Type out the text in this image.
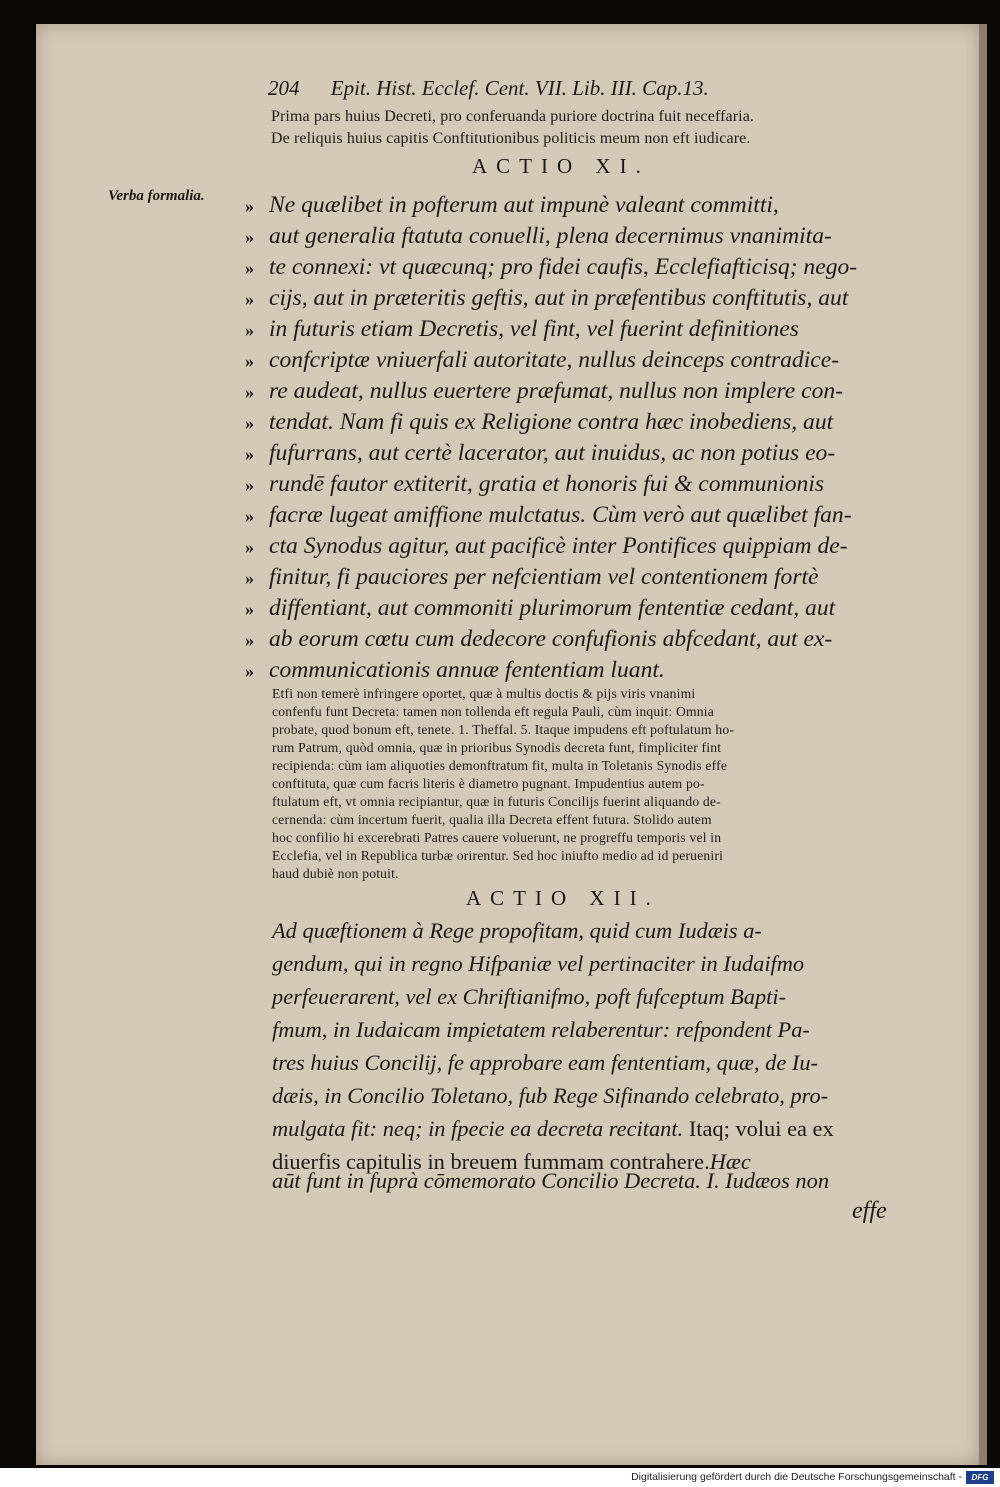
204 Epit. Hist. Ecclef. Cent. VII. Lib. III. Cap.13.
Prima pars huius Decreti, pro conferuanda puriore doctrina fuit neceffaria.
De reliquis huius capitis Conftitutionibus politicis meum non eft iudicare.
ACTIO XI.
Verba formalia. » Ne quælibet in pofterum aut impunè valeant committi,
» aut generalia ftatuta conuelli, plena decernimus vnanimita-
» te connexi: vt quæcunq; pro fidei caufis, Ecclefiafticisq; nego-
» cijs, aut in præteritis geftis, aut in præfentibus conftitutis, aut
» in futuris etiam Decretis, vel fint, vel fuerint definitiones
» confcriptæ vniuerfali autoritate, nullus deinceps contradice-
» re audeat, nullus euertere præfumat, nullus non implere con-
» tendat. Nam fi quis ex Religione contra hæc inobediens, aut
» fufurrans, aut certè lacerator, aut inuidus, ac non potius eo-
» rundē fautor extiterit, gratia et honoris fui & communionis
» facræ lugeat amiffione mulctatus. Cùm verò aut quælibet fan-
» cta Synodus agitur, aut pacificè inter Pontifices quippiam de-
» finitur, fi pauciores per nefcientiam vel contentionem fortè
» diffentiant, aut commoniti plurimorum fententiæ cedant, aut
» ab eorum cœtu cum dedecore confufionis abfcedant, aut ex-
» communicationis annuæ fententiam luant.
Etfi non temerè infringere oportet, quæ à multis doctis & pijs viris vnanimi
confenfu funt Decreta: tamen non tollenda eft regula Pauli, cùm inquit: Omnia
probate, quod bonum eft, tenete. 1. Theffal. 5. Itaque impudens eft poftulatum ho-
rum Patrum, quòd omnia, quæ in prioribus Synodis decreta funt, fimpliciter fint
recipienda: cùm iam aliquoties demonftratum fit, multa in Toletanis Synodis effe
conftituta, quæ cum facris literis è diametro pugnant. Impudentius autem po-
ftulatum eft, vt omnia recipiantur, quæ in futuris Concilijs fuerint aliquando de-
cernenda: cùm incertum fuerit, qualia illa Decreta effent futura. Stolido autem
hoc confilio hi excerebrati Patres cauere voluerunt, ne progreffu temporis vel in
Ecclefia, vel in Republica turbæ orirentur. Sed hoc iniufto medio ad id perueniri
haud dubiè non potuit.
ACTIO XII.
Ad quæftionem à Rege propofitam, quid cum Iudæis a-
gendum, qui in regno Hifpaniæ vel pertinaciter in Iudaifmo
perfeuerarent, vel ex Chriftianifmo, poft fufceptum Bapti-
fmum, in Iudaicam impietatem relaberentur: refpondent Pa-
tres huius Concilij, fe approbare eam fententiam, quæ, de Iu-
dæis, in Concilio Toletano, fub Rege Sifinando celebrato, pro-
mulgata fit: neq; in fpecie ea decreta recitant. Itaq; volui ea ex
diuerfis capitulis in breuem fummam contrahere.Hæc
aūt funt in fuprà cōmemorato Concilio Decreta. I. Iudæos non
effe
Digitalisierung gefördert durch die Deutsche Forschungsgemeinschaft -	DFG
